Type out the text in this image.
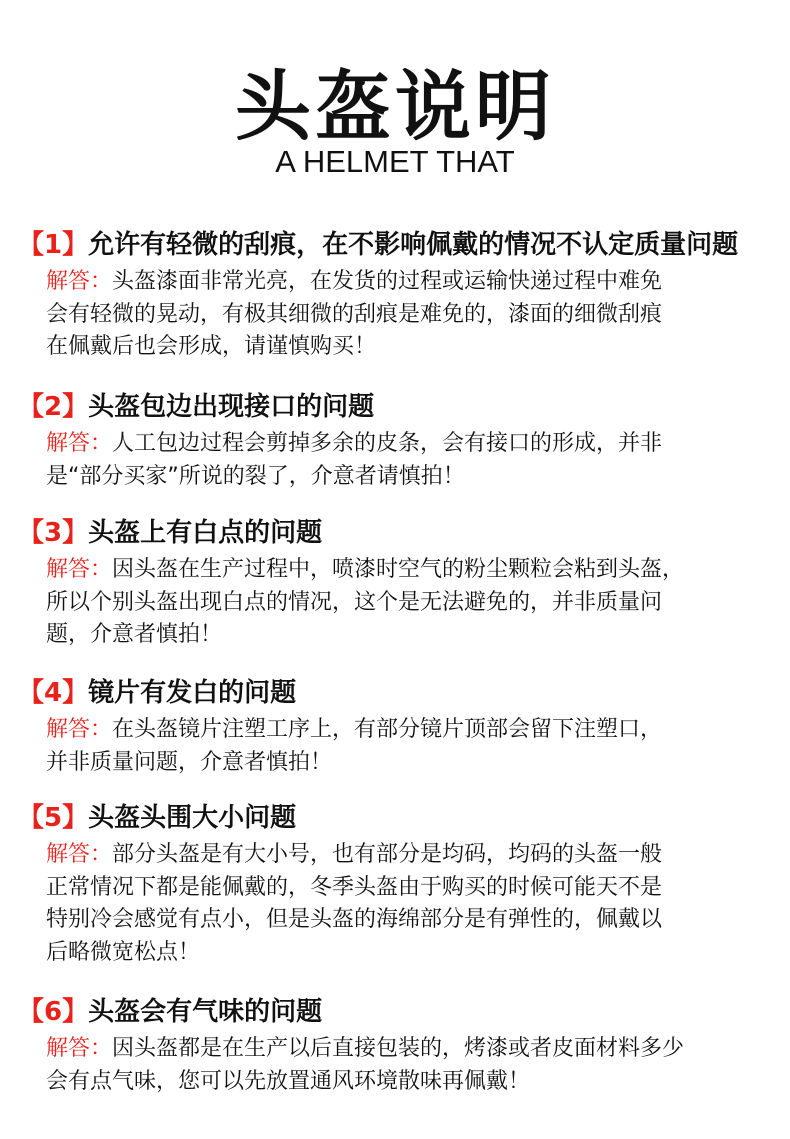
头盔说明
A HELMET THAT
【1】允许有轻微的刮痕，在不影响佩戴的情况不认定质量问题
解答：头盔漆面非常光亮，在发货的过程或运输快递过程中难免
会有轻微的晃动，有极其细微的刮痕是难免的，漆面的细微刮痕
在佩戴后也会形成，请谨慎购买！
【2】头盔包边出现接口的问题
解答：人工包边过程会剪掉多余的皮条，会有接口的形成，并非
是“部分买家”所说的裂了，介意者请慎拍！
【3】头盔上有白点的问题
解答：因头盔在生产过程中，喷漆时空气的粉尘颗粒会粘到头盔，
所以个别头盔出现白点的情况，这个是无法避免的，并非质量问
题，介意者慎拍！
【4】镜片有发白的问题
解答：在头盔镜片注塑工序上，有部分镜片顶部会留下注塑口，
并非质量问题，介意者慎拍！
【5】头盔头围大小问题
解答：部分头盔是有大小号，也有部分是均码，均码的头盔一般
正常情况下都是能佩戴的，冬季头盔由于购买的时候可能天不是
特别冷会感觉有点小，但是头盔的海绵部分是有弹性的，佩戴以
后略微宽松点！
【6】头盔会有气味的问题
解答：因头盔都是在生产以后直接包装的，烤漆或者皮面材料多少
会有点气味，您可以先放置通风环境散味再佩戴！
